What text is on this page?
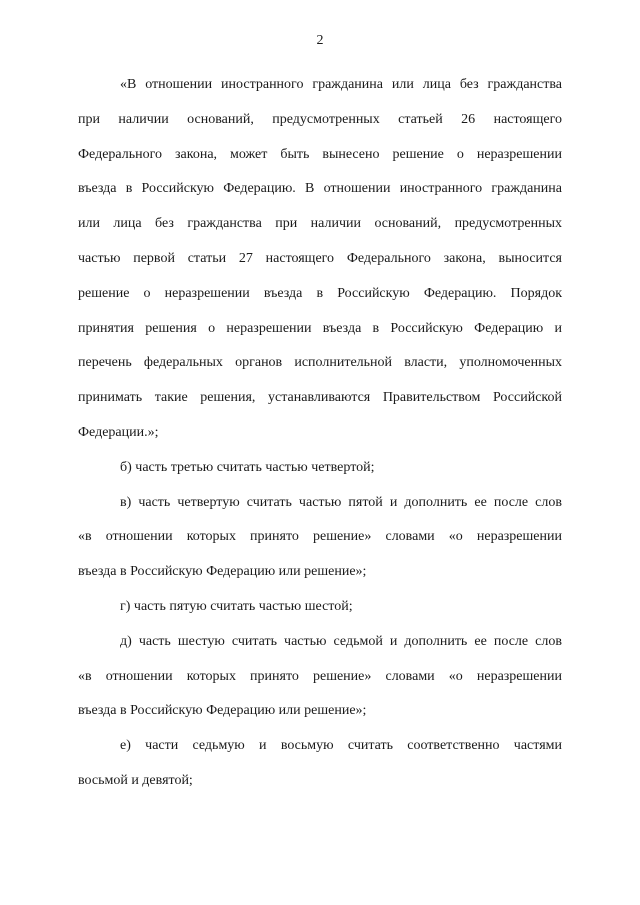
2
«В отношении иностранного гражданина или лица без гражданства
при наличии оснований, предусмотренных статьей 26 настоящего
Федерального закона, может быть вынесено решение о неразрешении
въезда в Российскую Федерацию. В отношении иностранного гражданина
или лица без гражданства при наличии оснований, предусмотренных
частью первой статьи 27 настоящего Федерального закона, выносится
решение о неразрешении въезда в Российскую Федерацию. Порядок
принятия решения о неразрешении въезда в Российскую Федерацию и
перечень федеральных органов исполнительной власти, уполномоченных
принимать такие решения, устанавливаются Правительством Российской
Федерации.»;
б) часть третью считать частью четвертой;
в) часть четвертую считать частью пятой и дополнить ее после слов
«в отношении которых принято решение» словами «о неразрешении
въезда в Российскую Федерацию или решение»;
г) часть пятую считать частью шестой;
д) часть шестую считать частью седьмой и дополнить ее после слов
«в отношении которых принято решение» словами «о неразрешении
въезда в Российскую Федерацию или решение»;
е) части седьмую и восьмую считать соответственно частями
восьмой и девятой;
